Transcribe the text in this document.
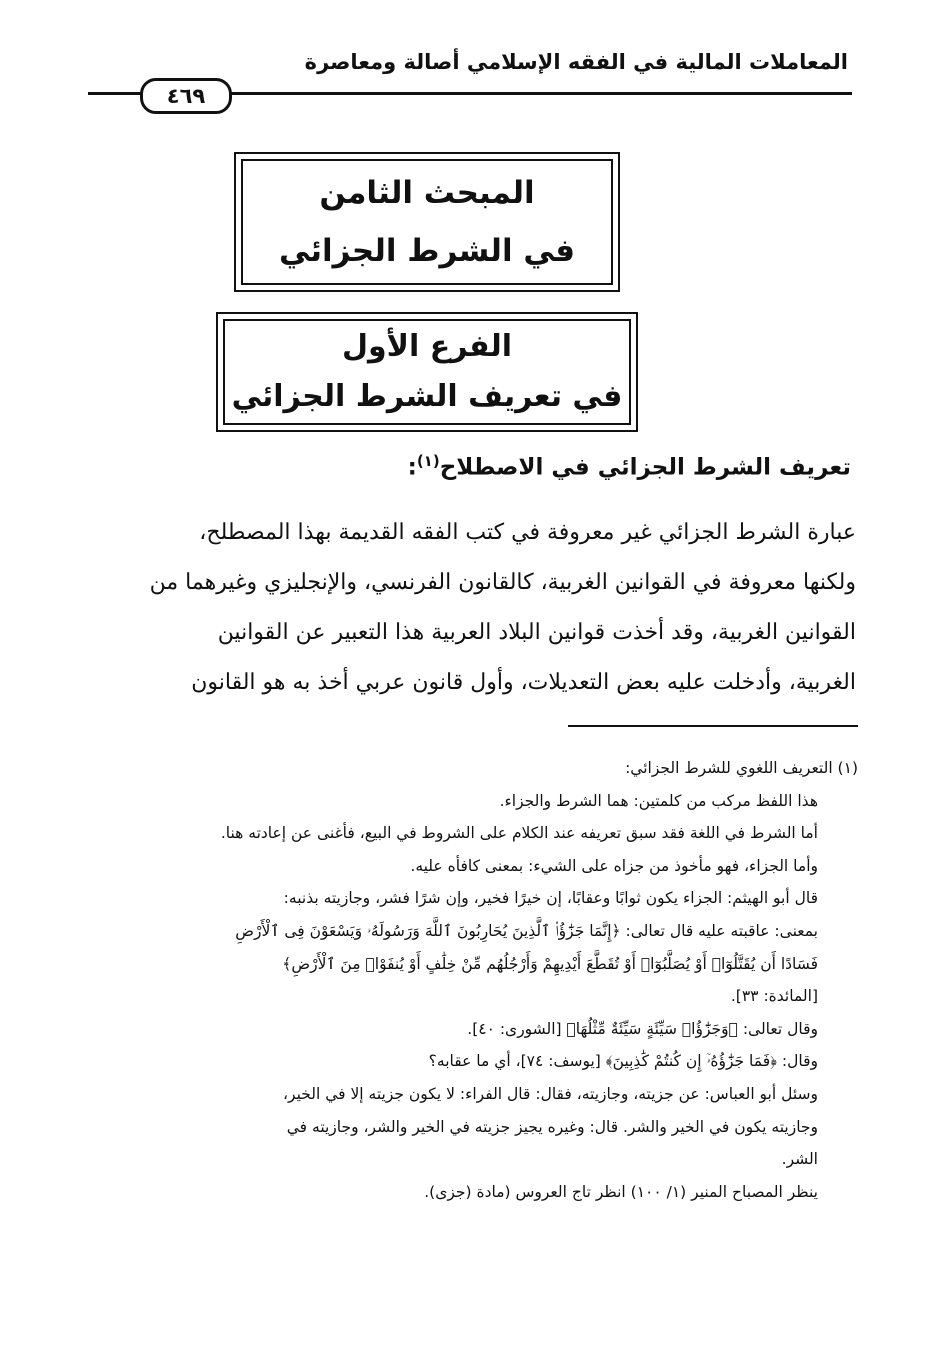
المعاملات المالية في الفقه الإسلامي أصالة ومعاصرة
٤٦٩
المبحث الثامن
في الشرط الجزائي
الفرع الأول
في تعريف الشرط الجزائي
تعريف الشرط الجزائي في الاصطلاح$^{(١)}$:
عبارة الشرط الجزائي غير معروفة في كتب الفقه القديمة بهذا المصطلح،
ولكنها معروفة في القوانين الغربية، كالقانون الفرنسي، والإنجليزي وغيرهما من
القوانين الغربية، وقد أخذت قوانين البلاد العربية هذا التعبير عن القوانين
الغربية، وأدخلت عليه بعض التعديلات، وأول قانون عربي أخذ به هو القانون
(١) التعريف اللغوي للشرط الجزائي:
هذا اللفظ مركب من كلمتين: هما الشرط والجزاء.
أما الشرط في اللغة فقد سبق تعريفه عند الكلام على الشروط في البيع، فأغنى عن إعادته هنا.
وأما الجزاء، فهو مأخوذ من جزاه على الشيء: بمعنى كافأه عليه.
قال أبو الهيثم: الجزاء يكون ثوابًا وعقابًا، إن خيرًا فخير، وإن شرًا فشر، وجازيته بذنبه:
بمعنى: عاقبته عليه قال تعالى: ﴿إِنَّمَا جَزَٰٓؤُا۟ ٱلَّذِينَ يُحَارِبُونَ ٱللَّهَ وَرَسُولَهُۥ وَيَسْعَوْنَ فِى ٱلْأَرْضِ
فَسَادًا أَن يُقَتَّلُوٓا۟ أَوْ يُصَلَّبُوٓا۟ أَوْ تُقَطَّعَ أَيْدِيهِمْ وَأَرْجُلُهُم مِّنْ خِلَٰفٍ أَوْ يُنفَوْا۟ مِنَ ٱلْأَرْضِ﴾
[المائدة: ٣٣].
وقال تعالى: ﴿وَجَزَٰٓؤُا۟ سَيِّئَةٍ سَيِّئَةٌ مِّثْلُهَا﴾ [الشورى: ٤٠].
وقال: ﴿فَمَا جَزَٰٓؤُهُۥٓ إِن كُنتُمْ كَٰذِبِينَ﴾ [يوسف: ٧٤]، أي ما عقابه؟
وسئل أبو العباس: عن جزيته، وجازيته، فقال: قال الفراء: لا يكون جزيته إلا في الخير،
وجازيته يكون في الخير والشر. قال: وغيره يجيز جزيته في الخير والشر، وجازيته في
الشر.
ينظر المصباح المنير (١/ ١٠٠) انظر تاج العروس (مادة (جزى).
